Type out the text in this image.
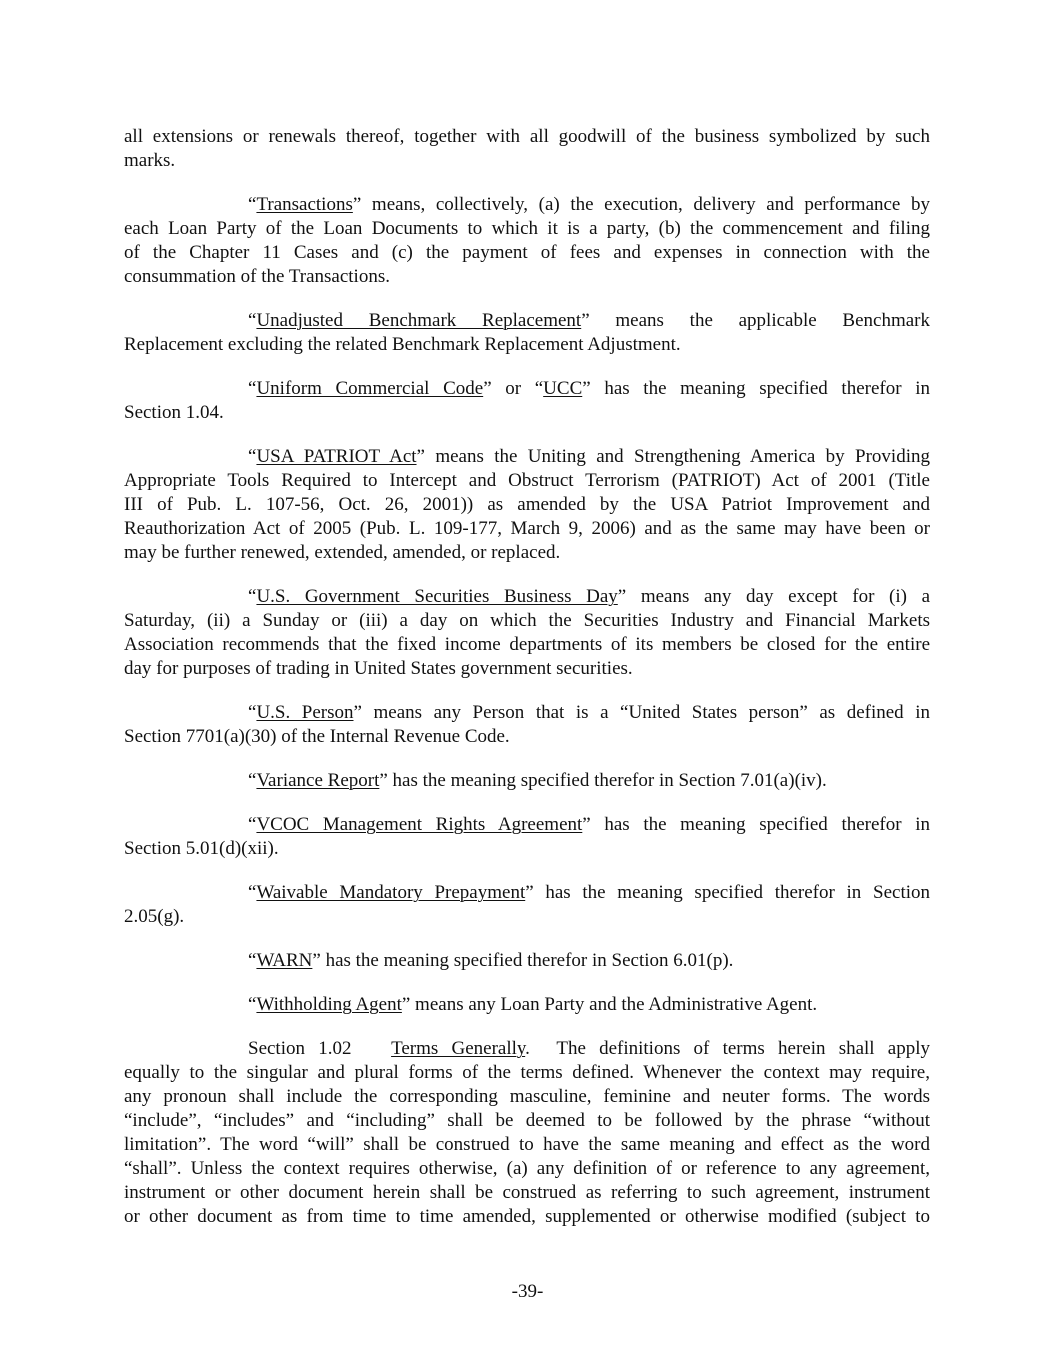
all extensions or renewals thereof, together with all goodwill of the business symbolized by such
marks.
“Transactions” means, collectively, (a) the execution, delivery and performance by
each Loan Party of the Loan Documents to which it is a party, (b) the commencement and filing
of the Chapter 11 Cases and (c) the payment of fees and expenses in connection with the
consummation of the Transactions.
“Unadjusted Benchmark Replacement” means the applicable Benchmark
Replacement excluding the related Benchmark Replacement Adjustment.
“Uniform Commercial Code” or “UCC” has the meaning specified therefor in
Section 1.04.
“USA PATRIOT Act” means the Uniting and Strengthening America by Providing
Appropriate Tools Required to Intercept and Obstruct Terrorism (PATRIOT) Act of 2001 (Title
III of Pub. L. 107-56, Oct. 26, 2001)) as amended by the USA Patriot Improvement and
Reauthorization Act of 2005 (Pub. L. 109-177, March 9, 2006) and as the same may have been or
may be further renewed, extended, amended, or replaced.
“U.S. Government Securities Business Day” means any day except for (i) a
Saturday, (ii) a Sunday or (iii) a day on which the Securities Industry and Financial Markets
Association recommends that the fixed income departments of its members be closed for the entire
day for purposes of trading in United States government securities.
“U.S. Person” means any Person that is a “United States person” as defined in
Section 7701(a)(30) of the Internal Revenue Code.
“Variance Report” has the meaning specified therefor in Section 7.01(a)(iv).
“VCOC Management Rights Agreement” has the meaning specified therefor in
Section 5.01(d)(xii).
“Waivable Mandatory Prepayment” has the meaning specified therefor in Section
2.05(g).
“WARN” has the meaning specified therefor in Section 6.01(p).
“Withholding Agent” means any Loan Party and the Administrative Agent.
Section 1.02   Terms Generally.  The definitions of terms herein shall apply
equally to the singular and plural forms of the terms defined. Whenever the context may require,
any pronoun shall include the corresponding masculine, feminine and neuter forms. The words
“include”, “includes” and “including” shall be deemed to be followed by the phrase “without
limitation”. The word “will” shall be construed to have the same meaning and effect as the word
“shall”. Unless the context requires otherwise, (a) any definition of or reference to any agreement,
instrument or other document herein shall be construed as referring to such agreement, instrument
or other document as from time to time amended, supplemented or otherwise modified (subject to
-39-
